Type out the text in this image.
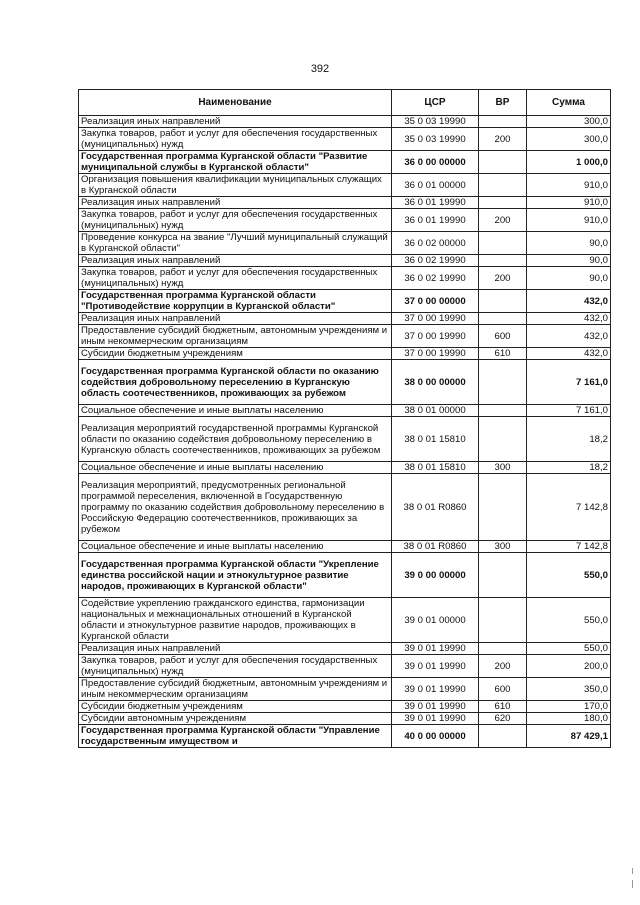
392
Наименование	ЦСР	ВР	Сумма
Реализация иных направлений	35 0 03 19990		300,0
Закупка товаров, работ и услуг для обеспечения государственных (муниципальных) нужд	35 0 03 19990	200	300,0
Государственная программа Курганской области "Развитие муниципальной службы в Курганской области"	36 0 00 00000		1 000,0
Организация повышения квалификации муниципальных служащих в Курганской области	36 0 01 00000		910,0
Реализация иных направлений	36 0 01 19990		910,0
Закупка товаров, работ и услуг для обеспечения государственных (муниципальных) нужд	36 0 01 19990	200	910,0
Проведение конкурса на звание "Лучший муниципальный служащий в Курганской области"	36 0 02 00000		90,0
Реализация иных направлений	36 0 02 19990		90,0
Закупка товаров, работ и услуг для обеспечения государственных (муниципальных) нужд	36 0 02 19990	200	90,0
Государственная программа Курганской области "Противодействие коррупции в Курганской области"	37 0 00 00000		432,0
Реализация иных направлений	37 0 00 19990		432,0
Предоставление субсидий бюджетным, автономным учреждениям и иным некоммерческим организациям	37 0 00 19990	600	432,0
Субсидии бюджетным учреждениям	37 0 00 19990	610	432,0
Государственная программа Курганской области по оказанию содействия добровольному переселению в Курганскую область соотечественников, проживающих за рубежом	38 0 00 00000		7 161,0
Социальное обеспечение и иные выплаты населению	38 0 01 00000		7 161,0
Реализация мероприятий государственной программы Курганской области по оказанию содействия добровольному переселению в Курганскую область соотечественников, проживающих за рубежом	38 0 01 15810		18,2
Социальное обеспечение и иные выплаты населению	38 0 01 15810	300	18,2
Реализация мероприятий, предусмотренных региональной программой переселения, включенной в Государственную программу по оказанию содействия добровольному переселению в Российскую Федерацию соотечественников, проживающих за рубежом	38 0 01 R0860		7 142,8
Социальное обеспечение и иные выплаты населению	38 0 01 R0860	300	7 142,8
Государственная программа Курганской области "Укрепление единства российской нации и этнокультурное развитие народов, проживающих в Курганской области"	39 0 00 00000		550,0
Содействие укреплению гражданского единства, гармонизации национальных и межнациональных отношений в Курганской области и этнокультурное развитие народов, проживающих в Курганской области	39 0 01 00000		550,0
Реализация иных направлений	39 0 01 19990		550,0
Закупка товаров, работ и услуг для обеспечения государственных (муниципальных) нужд	39 0 01 19990	200	200,0
Предоставление субсидий бюджетным, автономным учреждениям и иным некоммерческим организациям	39 0 01 19990	600	350,0
Субсидии бюджетным учреждениям	39 0 01 19990	610	170,0
Субсидии автономным учреждениям	39 0 01 19990	620	180,0
Государственная программа Курганской области "Управление государственным имуществом и	40 0 00 00000		87 429,1
